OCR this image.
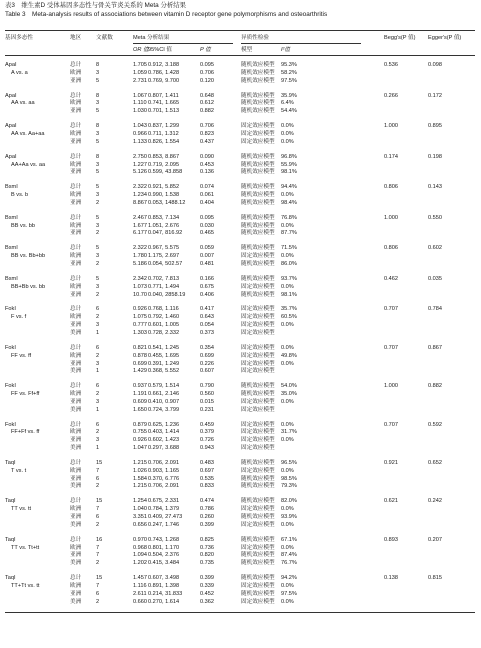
表3　维生素D 受体基因多态性与骨关节炎关系的 Meta 分析结果
Table 3　Meta-analysis results of associations between vitamin D receptor gene polymorphisms and osteoarthritis
基因多态性	地区	文献数	Meta 分析结果	异质性检验	Begg's(P 值) Egger's(P 值)
OR 值 95%CI 值	P 值	模型	I²值
ApaI
A vs. a
0.536	0.098
总计	8	1.705 0.912, 3.188	0.095	随机效应模型 95.3%
欧洲	3	1.059 0.786, 1.428	0.706	随机效应模型 58.2%
亚洲	5	2.731 0.769, 9.700	0.120	随机效应模型 97.5%
ApaI
AA vs. aa
0.266	0.172
总计	8	1.067 0.807, 1.411	0.648	随机效应模型 35.9%
欧洲	3	1.110 0.741, 1.665	0.612	随机效应模型 6.4%
亚洲	5	1.030 0.701, 1.513	0.882	随机效应模型 54.4%
ApaI
AA vs. Aa+aa
1.000	0.895
总计	8	1.043 0.837, 1.299	0.706	固定效应模型 0.0%
欧洲	3	0.966 0.711, 1.312	0.823	固定效应模型 0.0%
亚洲	5	1.133 0.826, 1.554	0.437	固定效应模型 0.0%
ApaI
AA+Aa vs. aa
0.174	0.198
总计	8	2.750 0.853, 8.867	0.090	随机效应模型 96.8%
欧洲	3	1.227 0.719, 2.095	0.453	随机效应模型 55.9%
亚洲	5	5.126 0.599, 43.858	0.136	随机效应模型 98.1%
BsmI
B vs. b
0.806	0.143
总计	5	2.322 0.921, 5.852	0.074	随机效应模型 94.4%
欧洲	3	1.234 0.990, 1.538	0.061	随机效应模型 0.0%
亚洲	2	8.867 0.053, 1488.12	0.404	随机效应模型 98.4%
BsmI
BB vs. bb
1.000	0.550
总计	5	2.467 0.853, 7.134	0.095	随机效应模型 76.8%
欧洲	3	1.677 1.051, 2.676	0.030	随机效应模型 0.0%
亚洲	2	6.177 0.047, 816.92	0.465	随机效应模型 87.7%
BsmI
BB vs. Bb+bb
0.806	0.602
总计	5	2.322 0.967, 5.575	0.059	随机效应模型 71.5%
欧洲	3	1.780 1.175, 2.697	0.007	固定效应模型 0.0%
亚洲	2	5.186 0.054, 502.57	0.481	随机效应模型 86.0%
BsmI
BB+Bb vs. bb
0.462	0.035
总计	5	2.342 0.702, 7.813	0.166	随机效应模型 93.7%
欧洲	3	1.073 0.771, 1.494	0.675	固定效应模型 0.0%
亚洲	2	10.70 0.040, 2858.19	0.406	随机效应模型 98.1%
FokI
F vs. f
0.707	0.784
总计	6	0.926 0.768, 1.116	0.417	固定效应模型 35.7%
欧洲	2	1.075 0.792, 1.460	0.643	固定效应模型 60.5%
亚洲	3	0.777 0.601, 1.005	0.054	固定效应模型 0.0%
美洲	1	1.303 0.728, 2.332	0.373	固定效应模型
FokI
FF vs. ff
0.707	0.867
总计	6	0.821 0.541, 1.245	0.354	固定效应模型 0.0%
欧洲	2	0.878 0.455, 1.695	0.699	固定效应模型 49.8%
亚洲	3	0.699 0.391, 1.249	0.226	固定效应模型 0.0%
美洲	1	1.429 0.368, 5.552	0.607	固定效应模型
FokI
FF vs. Ff+ff
1.000	0.882
总计	6	0.937 0.579, 1.514	0.790	随机效应模型 54.0%
欧洲	2	1.191 0.661, 2.146	0.560	随机效应模型 35.0%
亚洲	3	0.609 0.410, 0.907	0.015	固定效应模型 0.0%
美洲	1	1.650 0.724, 3.799	0.231	固定效应模型
FokI
FF+Ff vs. ff
0.707	0.592
总计	6	0.879 0.625, 1.236	0.459	固定效应模型 0.0%
欧洲	2	0.755 0.403, 1.414	0.379	固定效应模型 31.7%
亚洲	3	0.926 0.602, 1.423	0.726	固定效应模型 0.0%
美洲	1	1.047 0.297, 3.688	0.943	固定效应模型
TaqI
T vs. t
0.921	0.652
总计	15	1.215 0.706, 2.091	0.483	随机效应模型 96.5%
欧洲	7	1.026 0.903, 1.165	0.697	固定效应模型 0.0%
亚洲	6	1.584 0.370, 6.776	0.535	随机效应模型 98.5%
美洲	2	1.215 0.706, 2.091	0.833	随机效应模型 79.3%
TaqI
TT vs. tt
0.621	0.242
总计	15	1.254 0.675, 2.331	0.474	随机效应模型 82.0%
欧洲	7	1.040 0.784, 1.379	0.786	固定效应模型 0.0%
亚洲	6	3.351 0.409, 27.473	0.260	随机效应模型 93.9%
美洲	2	0.656 0.247, 1.746	0.399	固定效应模型 0.0%
TaqI
TT vs. Tt+tt
0.893	0.207
总计	16	0.970 0.743, 1.268	0.825	随机效应模型 67.1%
欧洲	7	0.968 0.801, 1.170	0.736	固定效应模型 0.0%
亚洲	7	1.094 0.504, 2.376	0.820	随机效应模型 87.4%
美洲	2	1.202 0.415, 3.484	0.735	随机效应模型 76.7%
TaqI
TT+Tt vs. tt
0.138	0.815
总计	15	1.457 0.607, 3.498	0.399	随机效应模型 94.2%
欧洲	7	1.116 0.891, 1.398	0.339	固定效应模型 0.0%
亚洲	6	2.611 0.214, 31.833	0.452	随机效应模型 97.5%
美洲	2	0.660 0.270, 1.614	0.362	固定效应模型 0.0%
